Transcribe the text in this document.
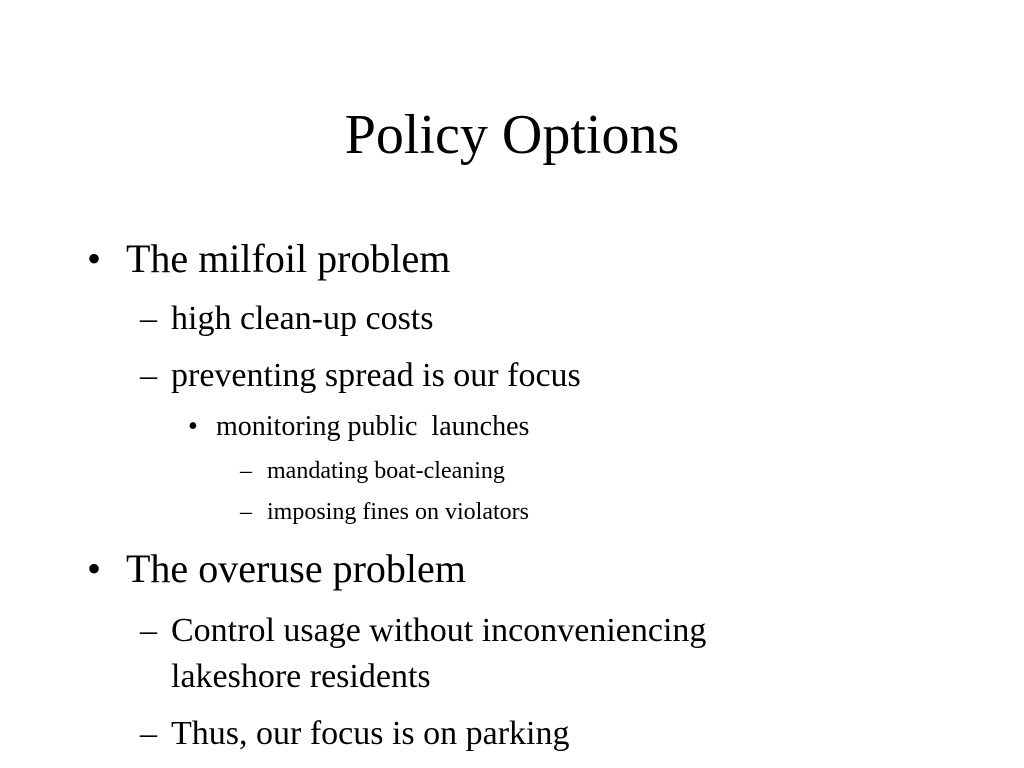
Policy Options
• The milfoil problem
– high clean-up costs
– preventing spread is our focus
• monitoring public  launches
– mandating boat-cleaning
– imposing fines on violators
• The overuse problem
– Control usage without inconveniencing
lakeshore residents
– Thus, our focus is on parking
